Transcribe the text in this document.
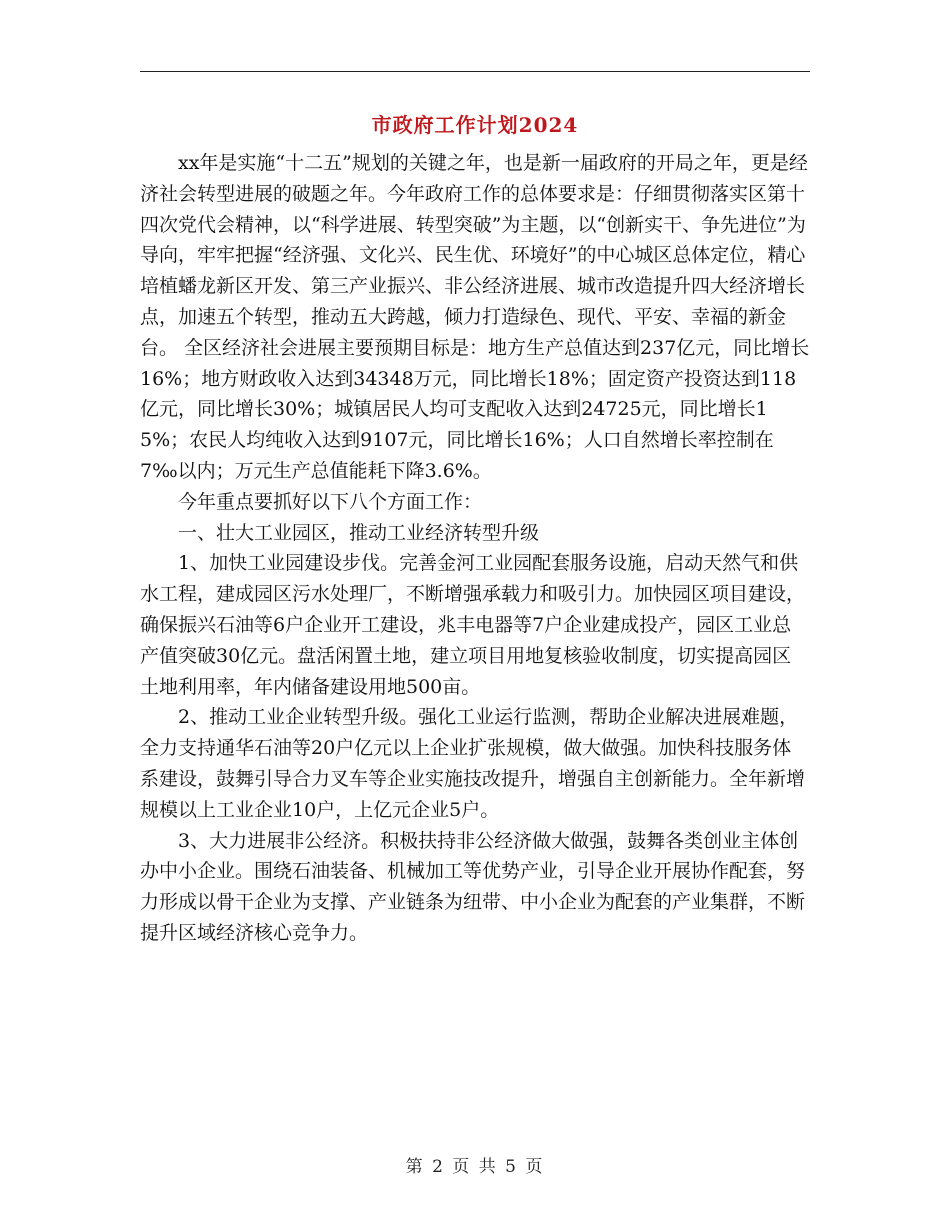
市政府工作计划2024

xx年是实施“十二五”规划的关键之年，也是新一届政府的开局之年，更是经济社会转型进展的破题之年。今年政府工作的总体要求是：仔细贯彻落实区第十四次党代会精神，以“科学进展、转型突破”为主题，以“创新实干、争先进位”为导向，牢牢把握“经济强、文化兴、民生优、环境好”的中心城区总体定位，精心培植蟠龙新区开发、第三产业振兴、非公经济进展、城市改造提升四大经济增长点，加速五个转型，推动五大跨越，倾力打造绿色、现代、平安、幸福的新金台。 全区经济社会进展主要预期目标是：地方生产总值达到237亿元，同比增长16%；地方财政收入达到34348万元，同比增长18%；固定资产投资达到118亿元，同比增长30%；城镇居民人均可支配收入达到24725元，同比增长15%；农民人均纯收入达到9107元，同比增长16%；人口自然增长率控制在7‰以内；万元生产总值能耗下降3.6%。

今年重点要抓好以下八个方面工作：

一、壮大工业园区，推动工业经济转型升级

1、加快工业园建设步伐。完善金河工业园配套服务设施，启动天然气和供水工程，建成园区污水处理厂，不断增强承载力和吸引力。加快园区项目建设，确保振兴石油等6户企业开工建设，兆丰电器等7户企业建成投产，园区工业总产值突破30亿元。盘活闲置土地，建立项目用地复核验收制度，切实提高园区土地利用率，年内储备建设用地500亩。

2、推动工业企业转型升级。强化工业运行监测，帮助企业解决进展难题，全力支持通华石油等20户亿元以上企业扩张规模，做大做强。加快科技服务体 系建设，鼓舞引导合力叉车等企业实施技改提升，增强自主创新能力。全年新增规模以上工业企业10户，上亿元企业5户。

3、大力进展非公经济。积极扶持非公经济做大做强，鼓舞各类创业主体创办中小企业。围绕石油装备、机械加工等优势产业，引导企业开展协作配套，努力形成以骨干企业为支撑、产业链条为纽带、中小企业为配套的产业集群，不断提升区域经济核心竞争力。

第 2 页 共 5 页
